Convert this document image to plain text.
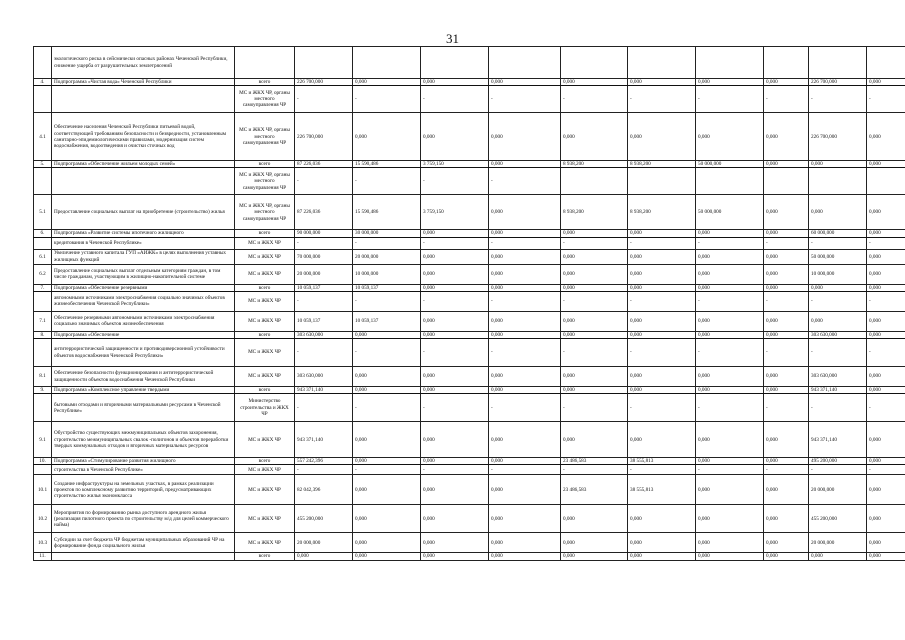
31
	экологического риска в сейсмически опасных районах Чеченской Республики, снижение ущерба от разрушительных землетрясений											
4.	Подпрограмма «Чистая вода» Чеченской Республики	всего	226 700,000	0,000	0,000	0,000	0,000	0,000	0,000	0,000	226 700,000	0,000
		МС и ЖКХ ЧР, органы местного самоуправления ЧР	-	-	-	-	-	-	-	-	-	-
4.1	Обеспечение населения Чеченской Республики питьевой водой, соответствующей требованиям безопасности и безвредности, установленным санитарно-эпидемиологическими правилами, модернизация систем водоснабжения, водоотведения и очистки сточных вод	МС и ЖКХ ЧР, органы местного самоуправления ЧР	226 700,000	0,000	0,000	0,000	0,000	0,000	0,000	0,000	226 700,000	0,000
5.	Подпрограмма «Обеспечение жильем молодых семей»	всего	87 226,036	15 590,486	3 759,150	0,000	8 938,200	8 938,200	50 000,000	0,000	0,000	0,000
		МС и ЖКХ ЧР, органы местного самоуправления ЧР	-	-	-	-						
5.1	Предоставление социальных выплат на приобретение (строительство) жилья	МС и ЖКХ ЧР, органы местного самоуправления ЧР	87 226,036	15 590,486	3 759,150	0,000	8 938,200	8 938,200	50 000,000	0,000	0,000	0,000
6.	Подпрограмма «Развитие системы ипотечного жилищного	всего	90 000,000	30 000,000	0,000	0,000	0,000	0,000	0,000	0,000	60 000,000	0,000
	кредитования в Чеченской Республике»	МС и ЖКХ ЧР	-	-	-	-	-	-	-	-	-	-
6.1	Увеличение уставного капитала ГУП «АИЖК» в целях выполнения уставных жилищных функций	МС и ЖКХ ЧР	70 000,000	20 000,000	0,000	0,000	0,000	0,000	0,000	0,000	50 000,000	0,000
6.2	Предоставление социальных выплат отдельным категориям граждан, в том числе гражданам, участвующим в жилищно-накопительной системе	МС и ЖКХ ЧР	20 000,000	10 000,000	0,000	0,000	0,000	0,000	0,000	0,000	10 000,000	0,000
7.	Подпрограмма «Обеспечение резервными	всего	10 059,137	10 059,137	0,000	0,000	0,000	0,000	0,000	0,000	0,000	0,000
	автономными источниками электроснабжения социально значимых объектов жизнеобеспечения Чеченской Республики»	МС и ЖКХ ЧР	-	-	-	-	-	-	-	-	-	-
7.1	Обеспечение резервными автономными источниками электроснабжения социально значимых объектов жизнеобеспечения	МС и ЖКХ ЧР	10 059,137	10 059,137	0,000	0,000	0,000	0,000	0,000	0,000	0,000	0,000
8.	Подпрограмма «Обеспечение	всего	303 630,000	0,000	0,000	0,000	0,000	0,000	0,000	0,000	303 630,000	0,000
	антитеррористической защищенности и противодиверсионной устойчивости объектов водоснабжения Чеченской Республики»	МС и ЖКХ ЧР	-	-	-	-	-	-	-	-	-	-
8.1	Обеспечение безопасности функционирования и антитеррористической защищенности объектов водоснабжения Чеченской Республики	МС и ЖКХ ЧР	303 630,000	0,000	0,000	0,000	0,000	0,000	0,000	0,000	303 630,000	0,000
9.	Подпрограмма «Комплексное управление твердыми	всего	943 371,140	0,000	0,000	0,000	0,000	0,000	0,000	0,000	943 371,140	0,000
	бытовыми отходами и вторичными материальными ресурсами в Чеченской Республике»	Министерство строительства и ЖКХ ЧР	-	-	-	-	-	-	-	-	-	-
9.1	Обустройство существующих межмуниципальных объектов захоронения, строительство межмуниципальных свалок -полигонов и объектов переработки твердых коммунальных отходов и вторичных материальных ресурсов	МС и ЖКХ ЧР	943 371,140	0,000	0,000	0,000	0,000	0,000	0,000	0,000	943 371,140	0,000
10.	Подпрограмма «Стимулирование развития жилищного	всего	557 242,396	0,000	0,000	0,000	23 486,583	38 555,813	0,000	0,000	495 200,000	0,000
	строительства в Чеченской Республике»	МС и ЖКХ ЧР	-	-	-	-	-	-	-	-	-	-
10.1	Создание инфраструктуры на земельных участках, в рамках реализации проектов по комплексному развитию территорий, предусматривающих строительство жилья экономкласса	МС и ЖКХ ЧР	82 042,396	0,000	0,000	0,000	23 486,583	38 555,813	0,000	0,000	20 000,000	0,000
10.2	Мероприятия по формированию рынка доступного арендного жилья (реализация пилотного проекта по строительству м/д для целей коммерческого найма)	МС и ЖКХ ЧР	455 200,000	0,000	0,000	0,000	0,000	0,000	0,000	0,000	455 200,000	0,000
10.3	Субсидии за счет бюджета ЧР бюджетам муниципальных образований ЧР на формирование фонда социального жилья	МС и ЖКХ ЧР	20 000,000	0,000	0,000	0,000	0,000	0,000	0,000	0,000	20 000,000	0,000
11.		всего	0,000	0,000	0,000	0,000	0,000	0,000	0,000	0,000	0,000	0,000
